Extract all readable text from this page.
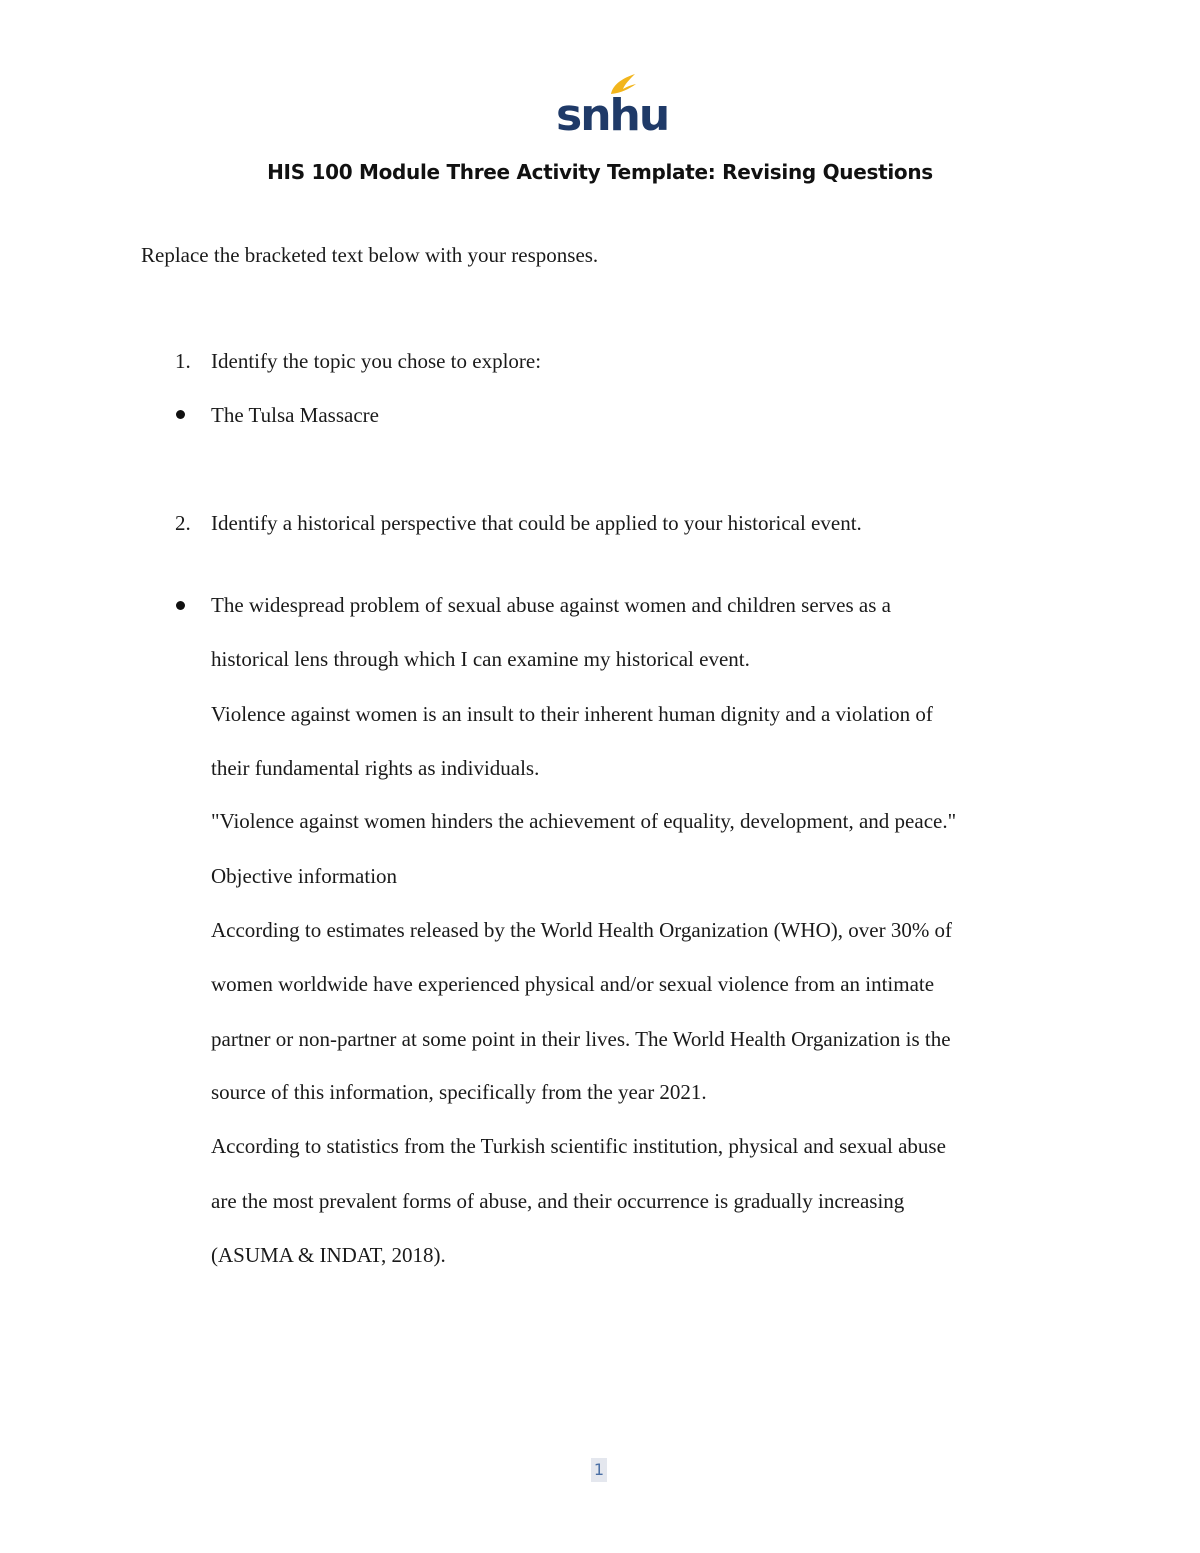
snhu
HIS 100 Module Three Activity Template: Revising Questions
Replace the bracketed text below with your responses.
1. Identify the topic you chose to explore:
The Tulsa Massacre
2. Identify a historical perspective that could be applied to your historical event.
The widespread problem of sexual abuse against women and children serves as a
historical lens through which I can examine my historical event.
Violence against women is an insult to their inherent human dignity and a violation of
their fundamental rights as individuals.
"Violence against women hinders the achievement of equality, development, and peace."
Objective information
According to estimates released by the World Health Organization (WHO), over 30% of
women worldwide have experienced physical and/or sexual violence from an intimate
partner or non-partner at some point in their lives. The World Health Organization is the
source of this information, specifically from the year 2021.
According to statistics from the Turkish scientific institution, physical and sexual abuse
are the most prevalent forms of abuse, and their occurrence is gradually increasing
(ASUMA & INDAT, 2018).
1
